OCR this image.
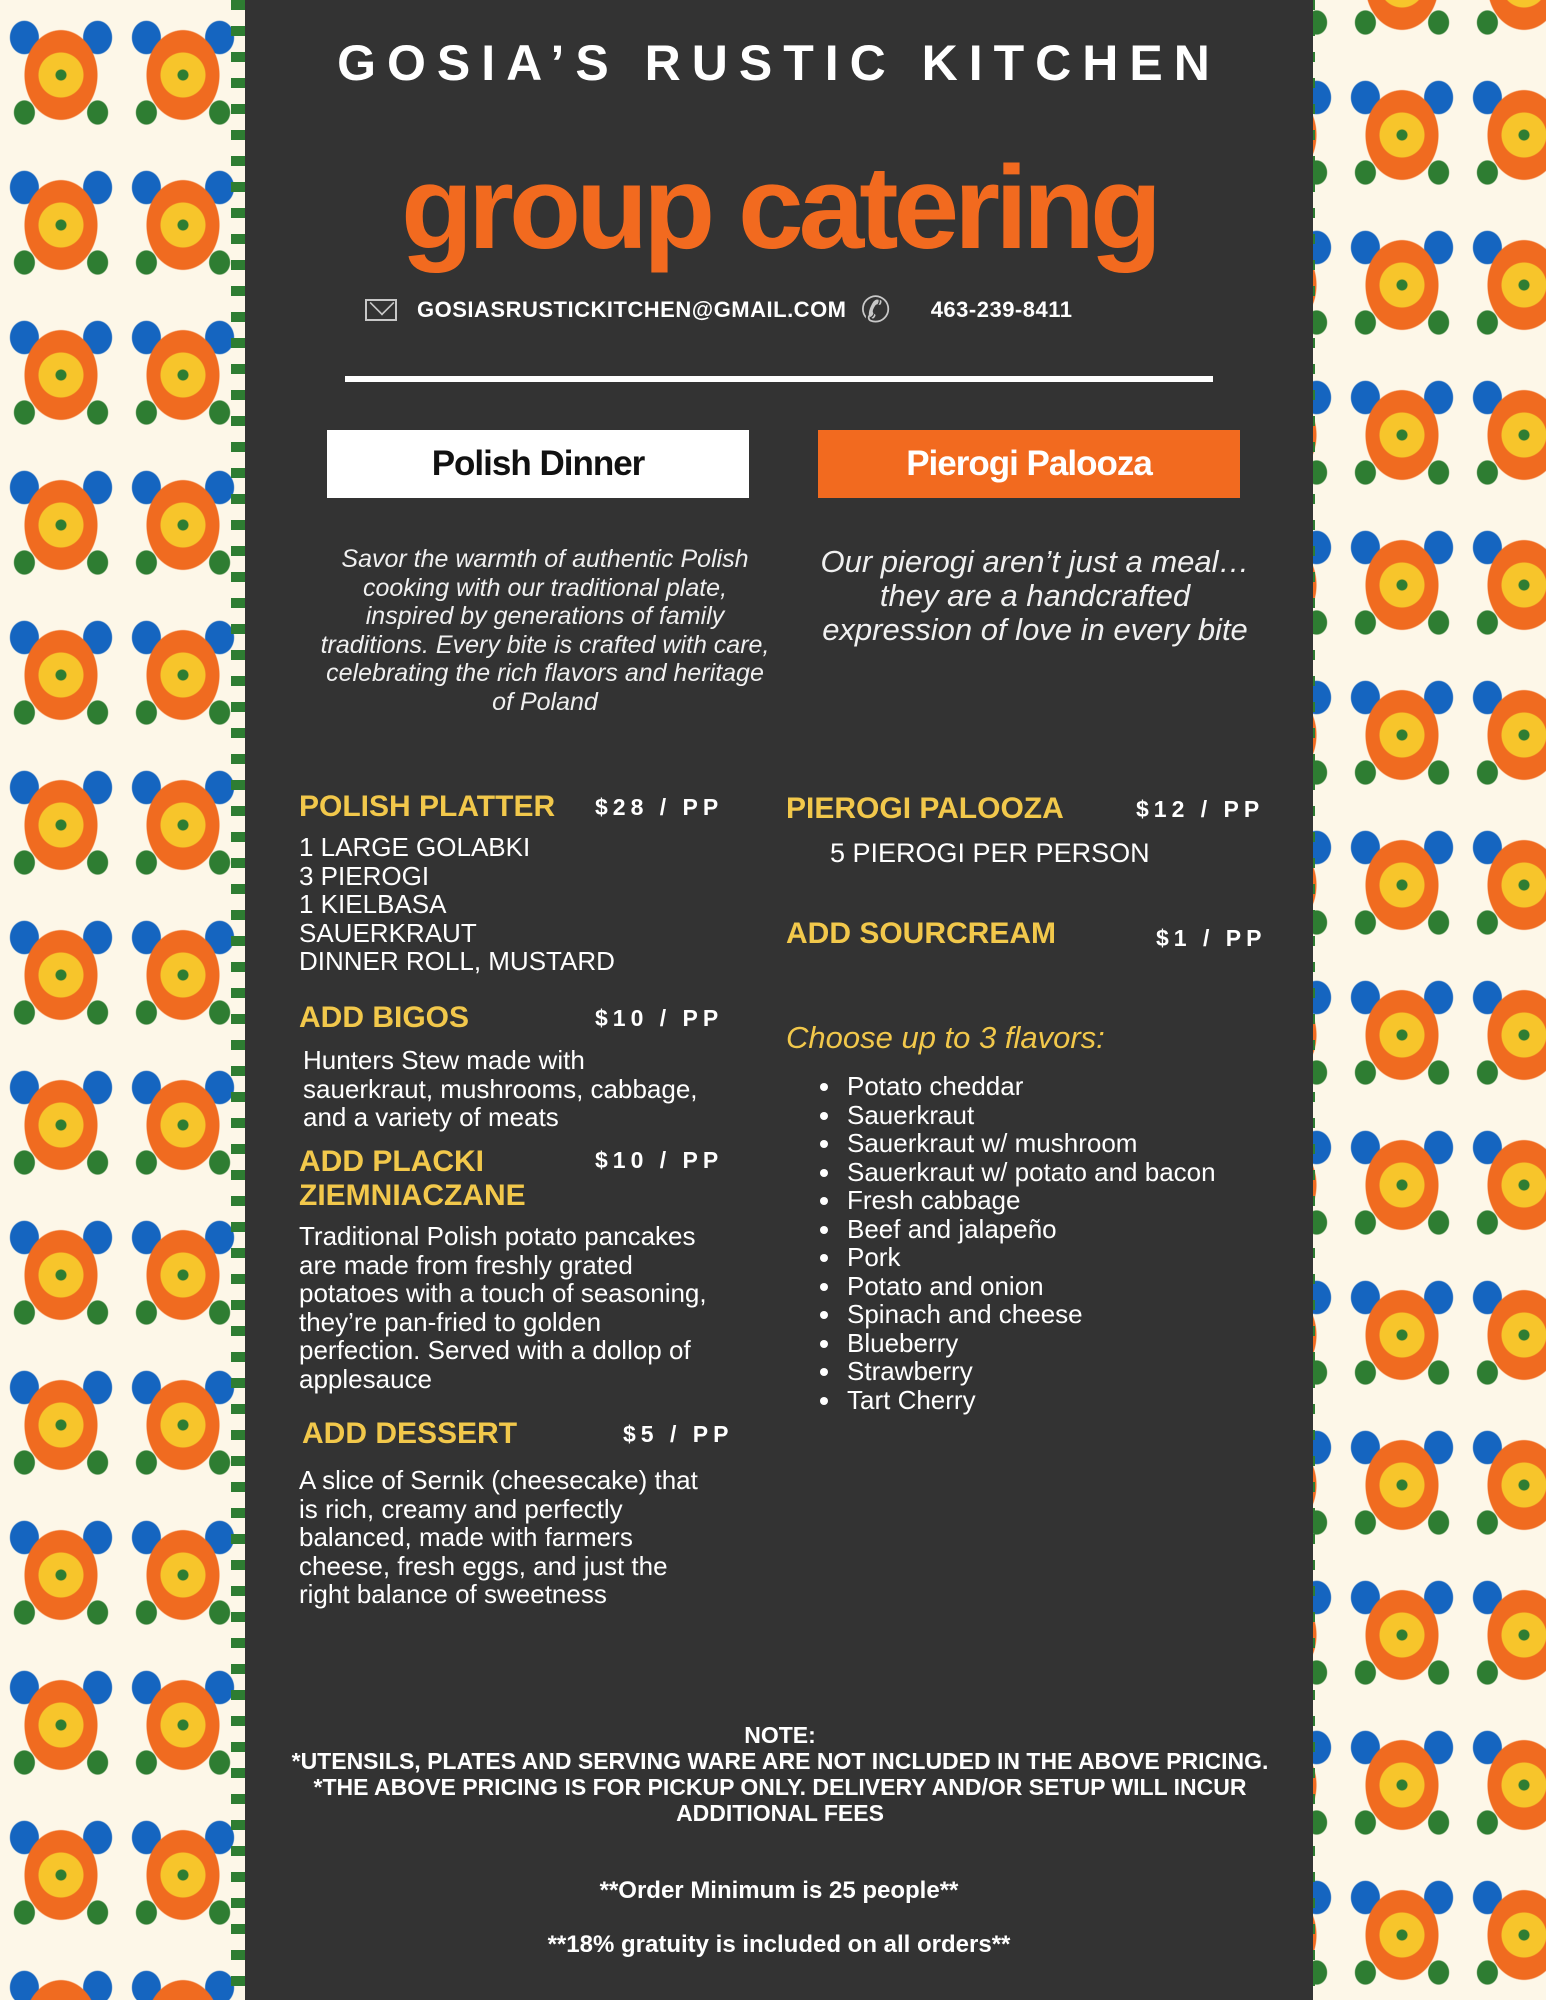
GOSIA’S RUSTIC KITCHEN
group catering
GOSIASRUSTICKITCHEN@GMAIL.COM ✆ 463-239-8411
Polish Dinner	Pierogi Palooza
Savor the warmth of authentic Polish cooking with our traditional plate, inspired by generations of family traditions. Every bite is crafted with care, celebrating the rich flavors and heritage of Poland
Our pierogi aren’t just a meal…they are a handcrafted expression of love in every bite
POLISH PLATTER $28 / PP
1 LARGE GOLABKI
3 PIEROGI
1 KIELBASA
SAUERKRAUT
DINNER ROLL, MUSTARD
ADD BIGOS	$10 / PP
Hunters Stew made with
sauerkraut, mushrooms, cabbage,
and a variety of meats
ADD PLACKI
ZIEMNIACZANE
$10 / PP
Traditional Polish potato pancakes
are made from freshly grated
potatoes with a touch of seasoning,
they’re pan-fried to golden
perfection. Served with a dollop of
applesauce
ADD DESSERT	$5 / PP
A slice of Sernik (cheesecake) that
is rich, creamy and perfectly
balanced, made with farmers
cheese, fresh eggs, and just the
right balance of sweetness
PIEROGI PALOOZA	$12 / PP
5 PIEROGI PER PERSON
ADD SOURCREAM	$1 / PP
Choose up to 3 flavors:
• Potato cheddar
• Sauerkraut
• Sauerkraut w/ mushroom
• Sauerkraut w/ potato and bacon
• Fresh cabbage
• Beef and jalapeño
• Pork
• Potato and onion
• Spinach and cheese
• Blueberry
• Strawberry
• Tart Cherry

NOTE:

*UTENSILS, PLATES AND SERVING WARE ARE NOT INCLUDED IN THE ABOVE PRICING.

*THE ABOVE PRICING IS FOR PICKUP ONLY. DELIVERY AND/OR SETUP WILL INCUR ADDITIONAL FEES

**Order Minimum is 25 people**
**18% gratuity is included on all orders**
